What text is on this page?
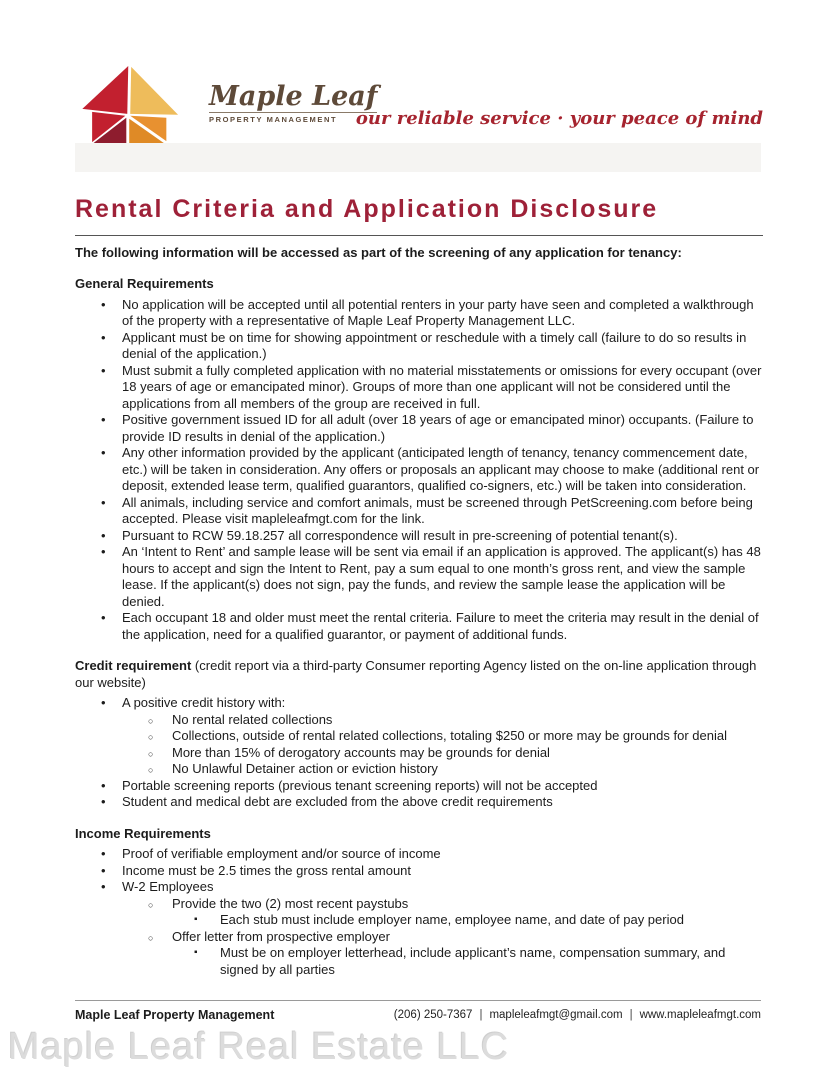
Maple Leaf
PROPERTY MANAGEMENT	our reliable service · your peace of mind
Rental Criteria and Application Disclosure

The following information will be accessed as part of the screening of any application for tenancy:

General Requirements

• No application will be accepted until all potential renters in your party have seen and completed a walkthrough of the property with a representative of Maple Leaf Property Management LLC.
• Applicant must be on time for showing appointment or reschedule with a timely call (failure to do so results in denial of the application.)
• Must submit a fully completed application with no material misstatements or omissions for every occupant (over 18 years of age or emancipated minor). Groups of more than one applicant will not be considered until the applications from all members of the group are received in full.
• Positive government issued ID for all adult (over 18 years of age or emancipated minor) occupants. (Failure to provide ID results in denial of the application.)
• Any other information provided by the applicant (anticipated length of tenancy, tenancy commencement date, etc.) will be taken in consideration. Any offers or proposals an applicant may choose to make (additional rent or deposit, extended lease term, qualified guarantors, qualified co-signers, etc.) will be taken into consideration.
• All animals, including service and comfort animals, must be screened through PetScreening.com before being accepted. Please visit mapleleafmgt.com for the link.
• Pursuant to RCW 59.18.257 all correspondence will result in pre-screening of potential tenant(s).
• An ‘Intent to Rent’ and sample lease will be sent via email if an application is approved. The applicant(s) has 48 hours to accept and sign the Intent to Rent, pay a sum equal to one month’s gross rent, and view the sample lease. If the applicant(s) does not sign, pay the funds, and review the sample lease the application will be denied.
• Each occupant 18 and older must meet the rental criteria. Failure to meet the criteria may result in the denial of the application, need for a qualified guarantor, or payment of additional funds.

Credit requirement (credit report via a third-party Consumer reporting Agency listed on the on-line application through our website)

• A positive credit history with:
○ No rental related collections
○ Collections, outside of rental related collections, totaling $250 or more may be grounds for denial
○ More than 15% of derogatory accounts may be grounds for denial
○ No Unlawful Detainer action or eviction history
• Portable screening reports (previous tenant screening reports) will not be accepted
• Student and medical debt are excluded from the above credit requirements

Income Requirements

• Proof of verifiable employment and/or source of income
• Income must be 2.5 times the gross rental amount
• W-2 Employees
○ Provide the two (2) most recent paystubs
▪ Each stub must include employer name, employee name, and date of pay period
○ Offer letter from prospective employer
▪ Must be on employer letterhead, include applicant’s name, compensation summary, and signed by all parties
Maple Leaf Property Management	(206) 250-7367 | mapleleafmgt@gmail.com | www.mapleleafmgt.com
Maple Leaf Real Estate LLC
